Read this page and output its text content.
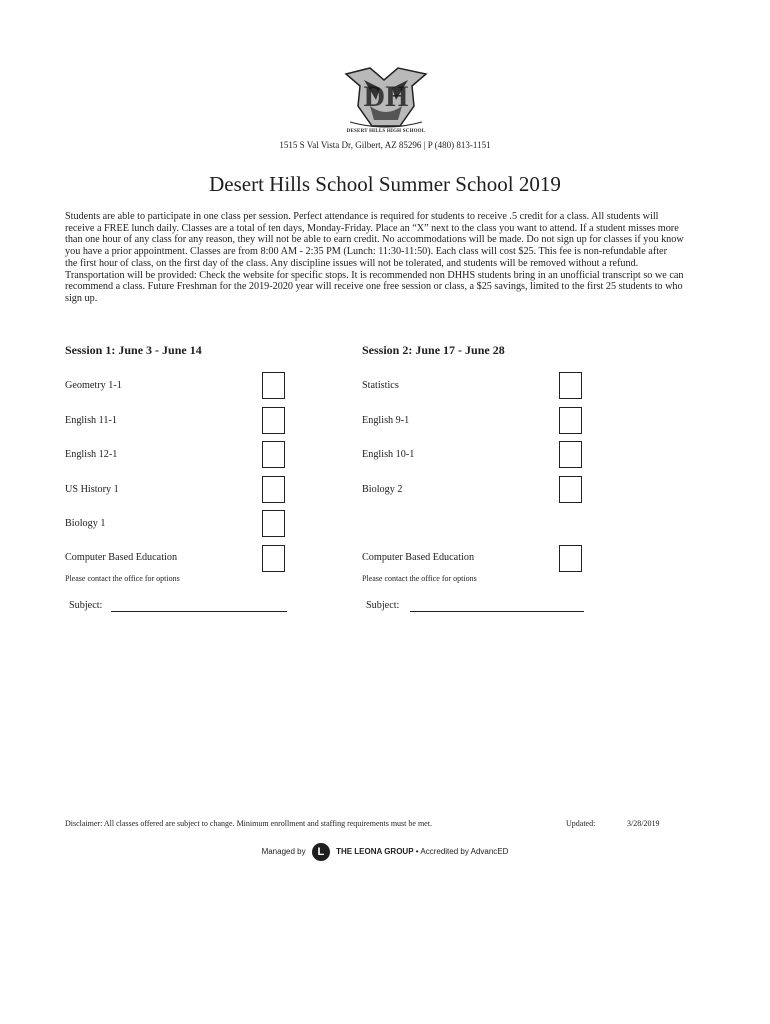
DH
DESERT HILLS HIGH SCHOOL
1515 S Val Vista Dr, Gilbert, AZ 85296 | P (480) 813-1151
Desert Hills School Summer School 2019
Students are able to participate in one class per session. Perfect attendance is required for students to receive .5 credit for a class. All students will
receive a FREE lunch daily. Classes are a total of ten days, Monday-Friday. Place an “X” next to the class you want to attend. If a student misses more
than one hour of any class for any reason, they will not be able to earn credit. No accommodations will be made. Do not sign up for classes if you know
you have a prior appointment. Classes are from 8:00 AM - 2:35 PM (Lunch: 11:30-11:50). Each class will cost $25. This fee is non-refundable after
the first hour of class, on the first day of the class. Any discipline issues will not be tolerated, and students will be removed without a refund.
Transportation will be provided: Check the website for specific stops. It is recommended non DHHS students bring in an unofficial transcript so we can
recommend a class. Future Freshman for the 2019-2020 year will receive one free session or class, a $25 savings, limited to the first 25 students to who
sign up.
Session 1: June 3 - June 14
Geometry 1-1
English 11-1
English 12-1
US History 1
Biology 1
Computer Based Education
Please contact the office for options
Subject:
Session 2: June 17 - June 28
Statistics
English 9-1
English 10-1
Biology 2
Computer Based Education
Please contact the office for options
Subject:
Disclaimer: All classes offered are subject to change. Minimum enrollment and staffing requirements must be met.	Updated:	3/28/2019
Managed by L THE LEONA GROUP • Accredited by AdvancED
